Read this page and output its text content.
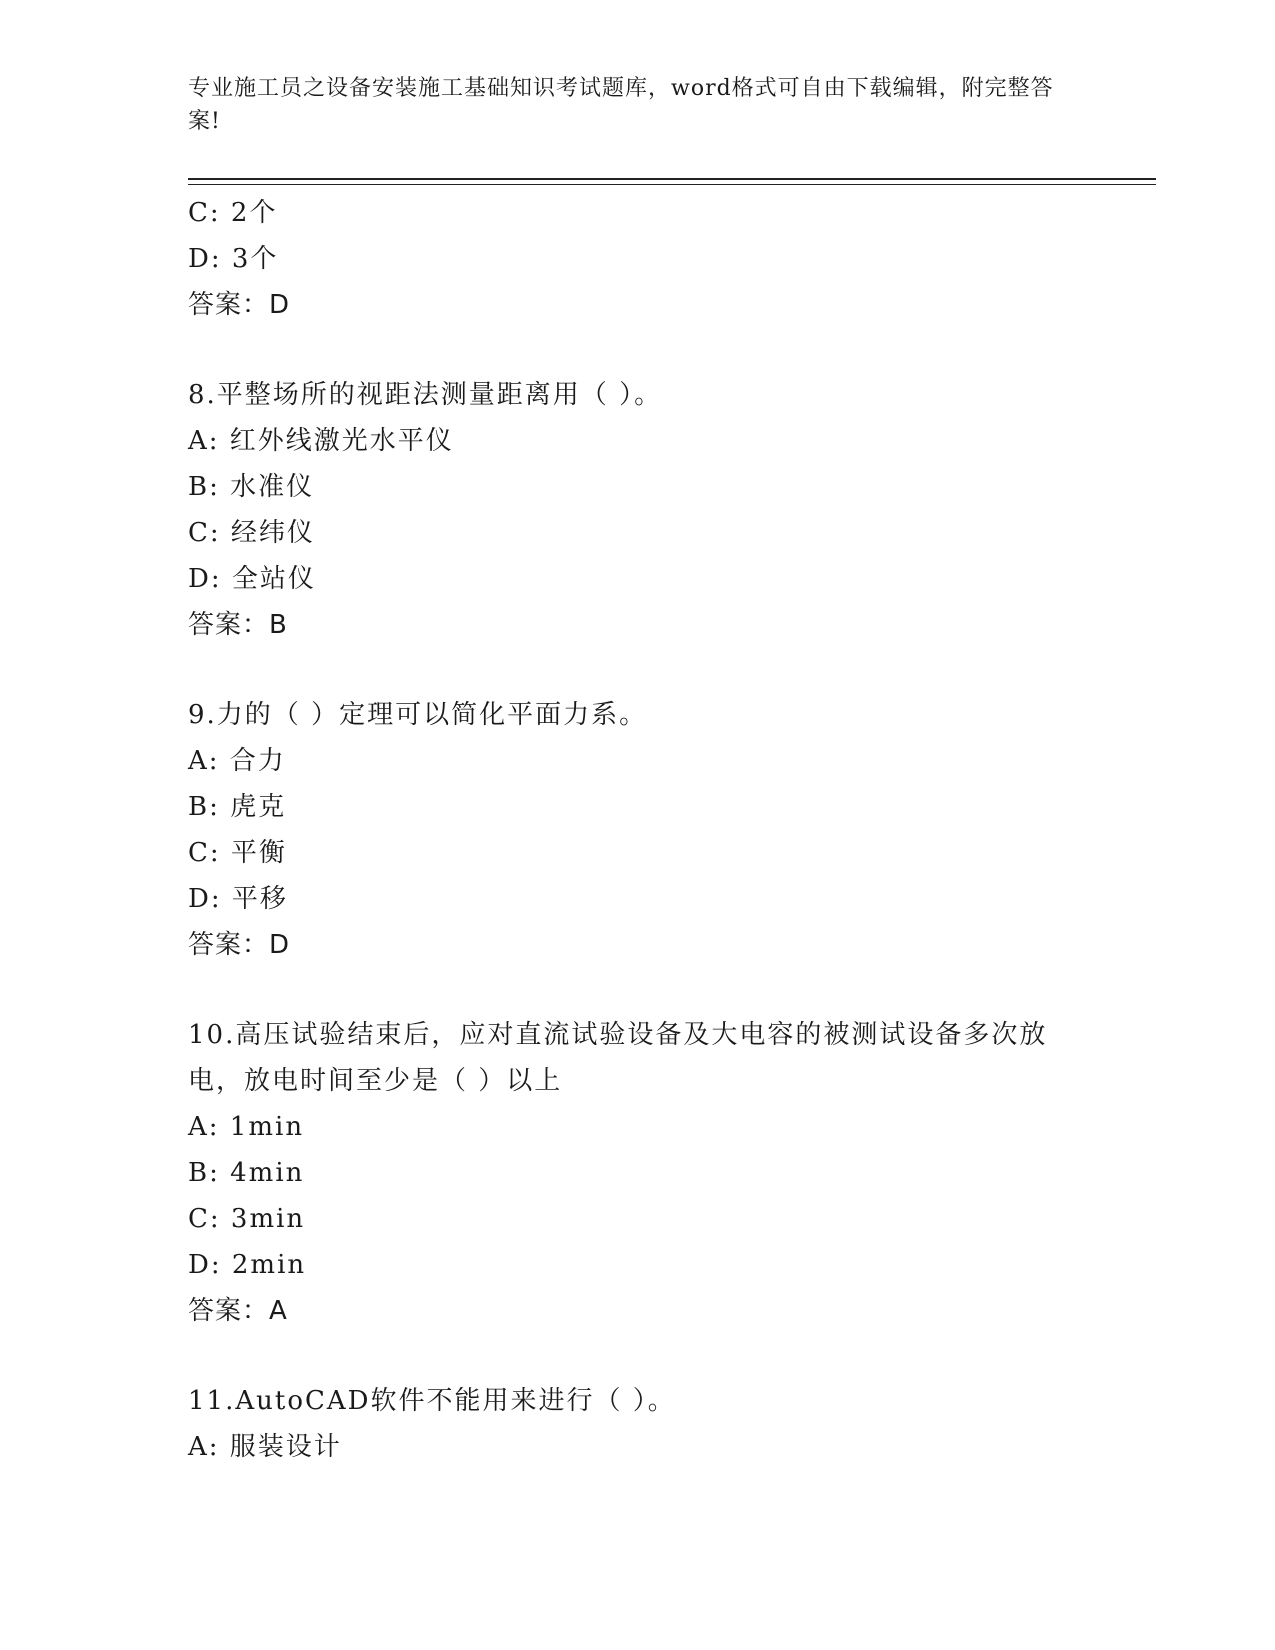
专业施工员之设备安装施工基础知识考试题库，word格式可自由下载编辑，附完整答案!
C: 2个
D: 3个
答案：D
8.平整场所的视距法测量距离用（ ）。
A: 红外线激光水平仪
B: 水准仪
C: 经纬仪
D: 全站仪
答案：B
9.力的（ ）定理可以简化平面力系。
A: 合力
B: 虎克
C: 平衡
D: 平移
答案：D
10.高压试验结束后，应对直流试验设备及大电容的被测试设备多次放电，放电时间至少是（ ）以上
A: 1min
B: 4min
C: 3min
D: 2min
答案：A
11.AutoCAD软件不能用来进行（ ）。
A: 服装设计
